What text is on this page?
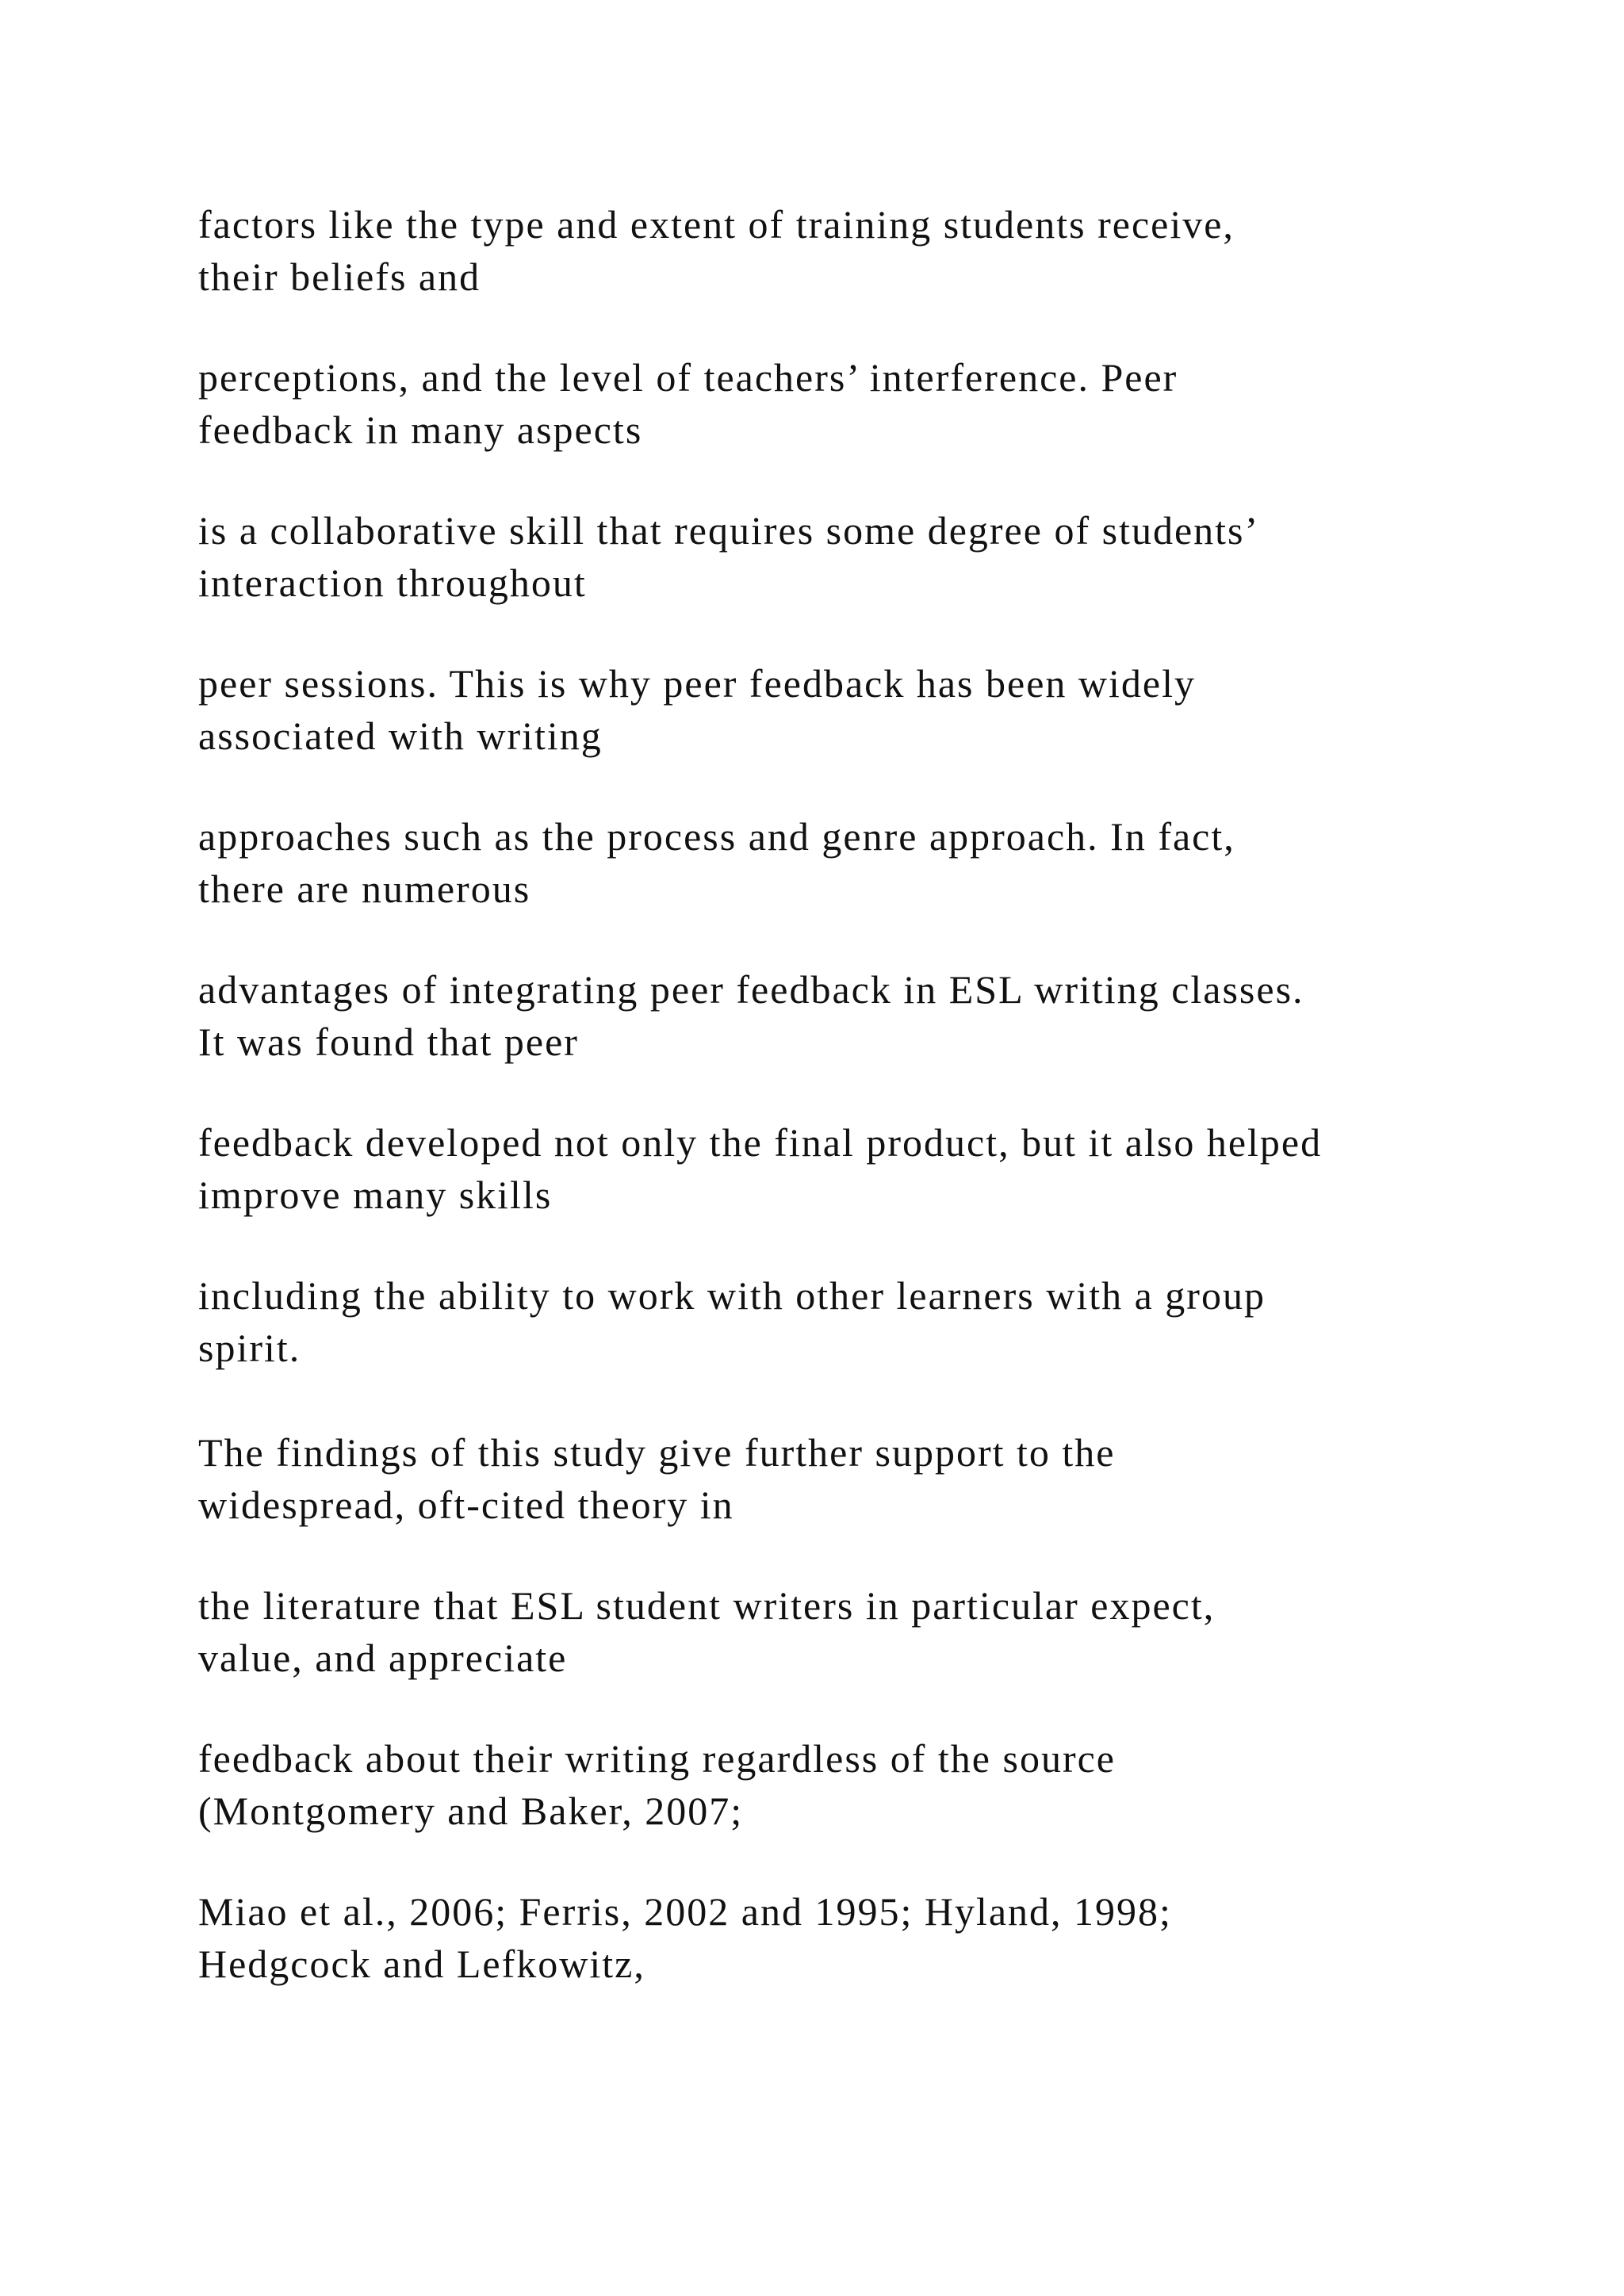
factors like the type and extent of training students receive,
their beliefs and

perceptions, and the level of teachers’ interference. Peer
feedback in many aspects

is a collaborative skill that requires some degree of students’
interaction throughout

peer sessions. This is why peer feedback has been widely
associated with writing

approaches such as the process and genre approach. In fact,
there are numerous

advantages of integrating peer feedback in ESL writing classes.
It was found that peer

feedback developed not only the final product, but it also helped
improve many skills

including the ability to work with other learners with a group
spirit.

The findings of this study give further support to the
widespread, oft-cited theory in

the literature that ESL student writers in particular expect,
value, and appreciate

feedback about their writing regardless of the source
(Montgomery and Baker, 2007;

Miao et al., 2006; Ferris, 2002 and 1995; Hyland, 1998;
Hedgcock and Lefkowitz,
